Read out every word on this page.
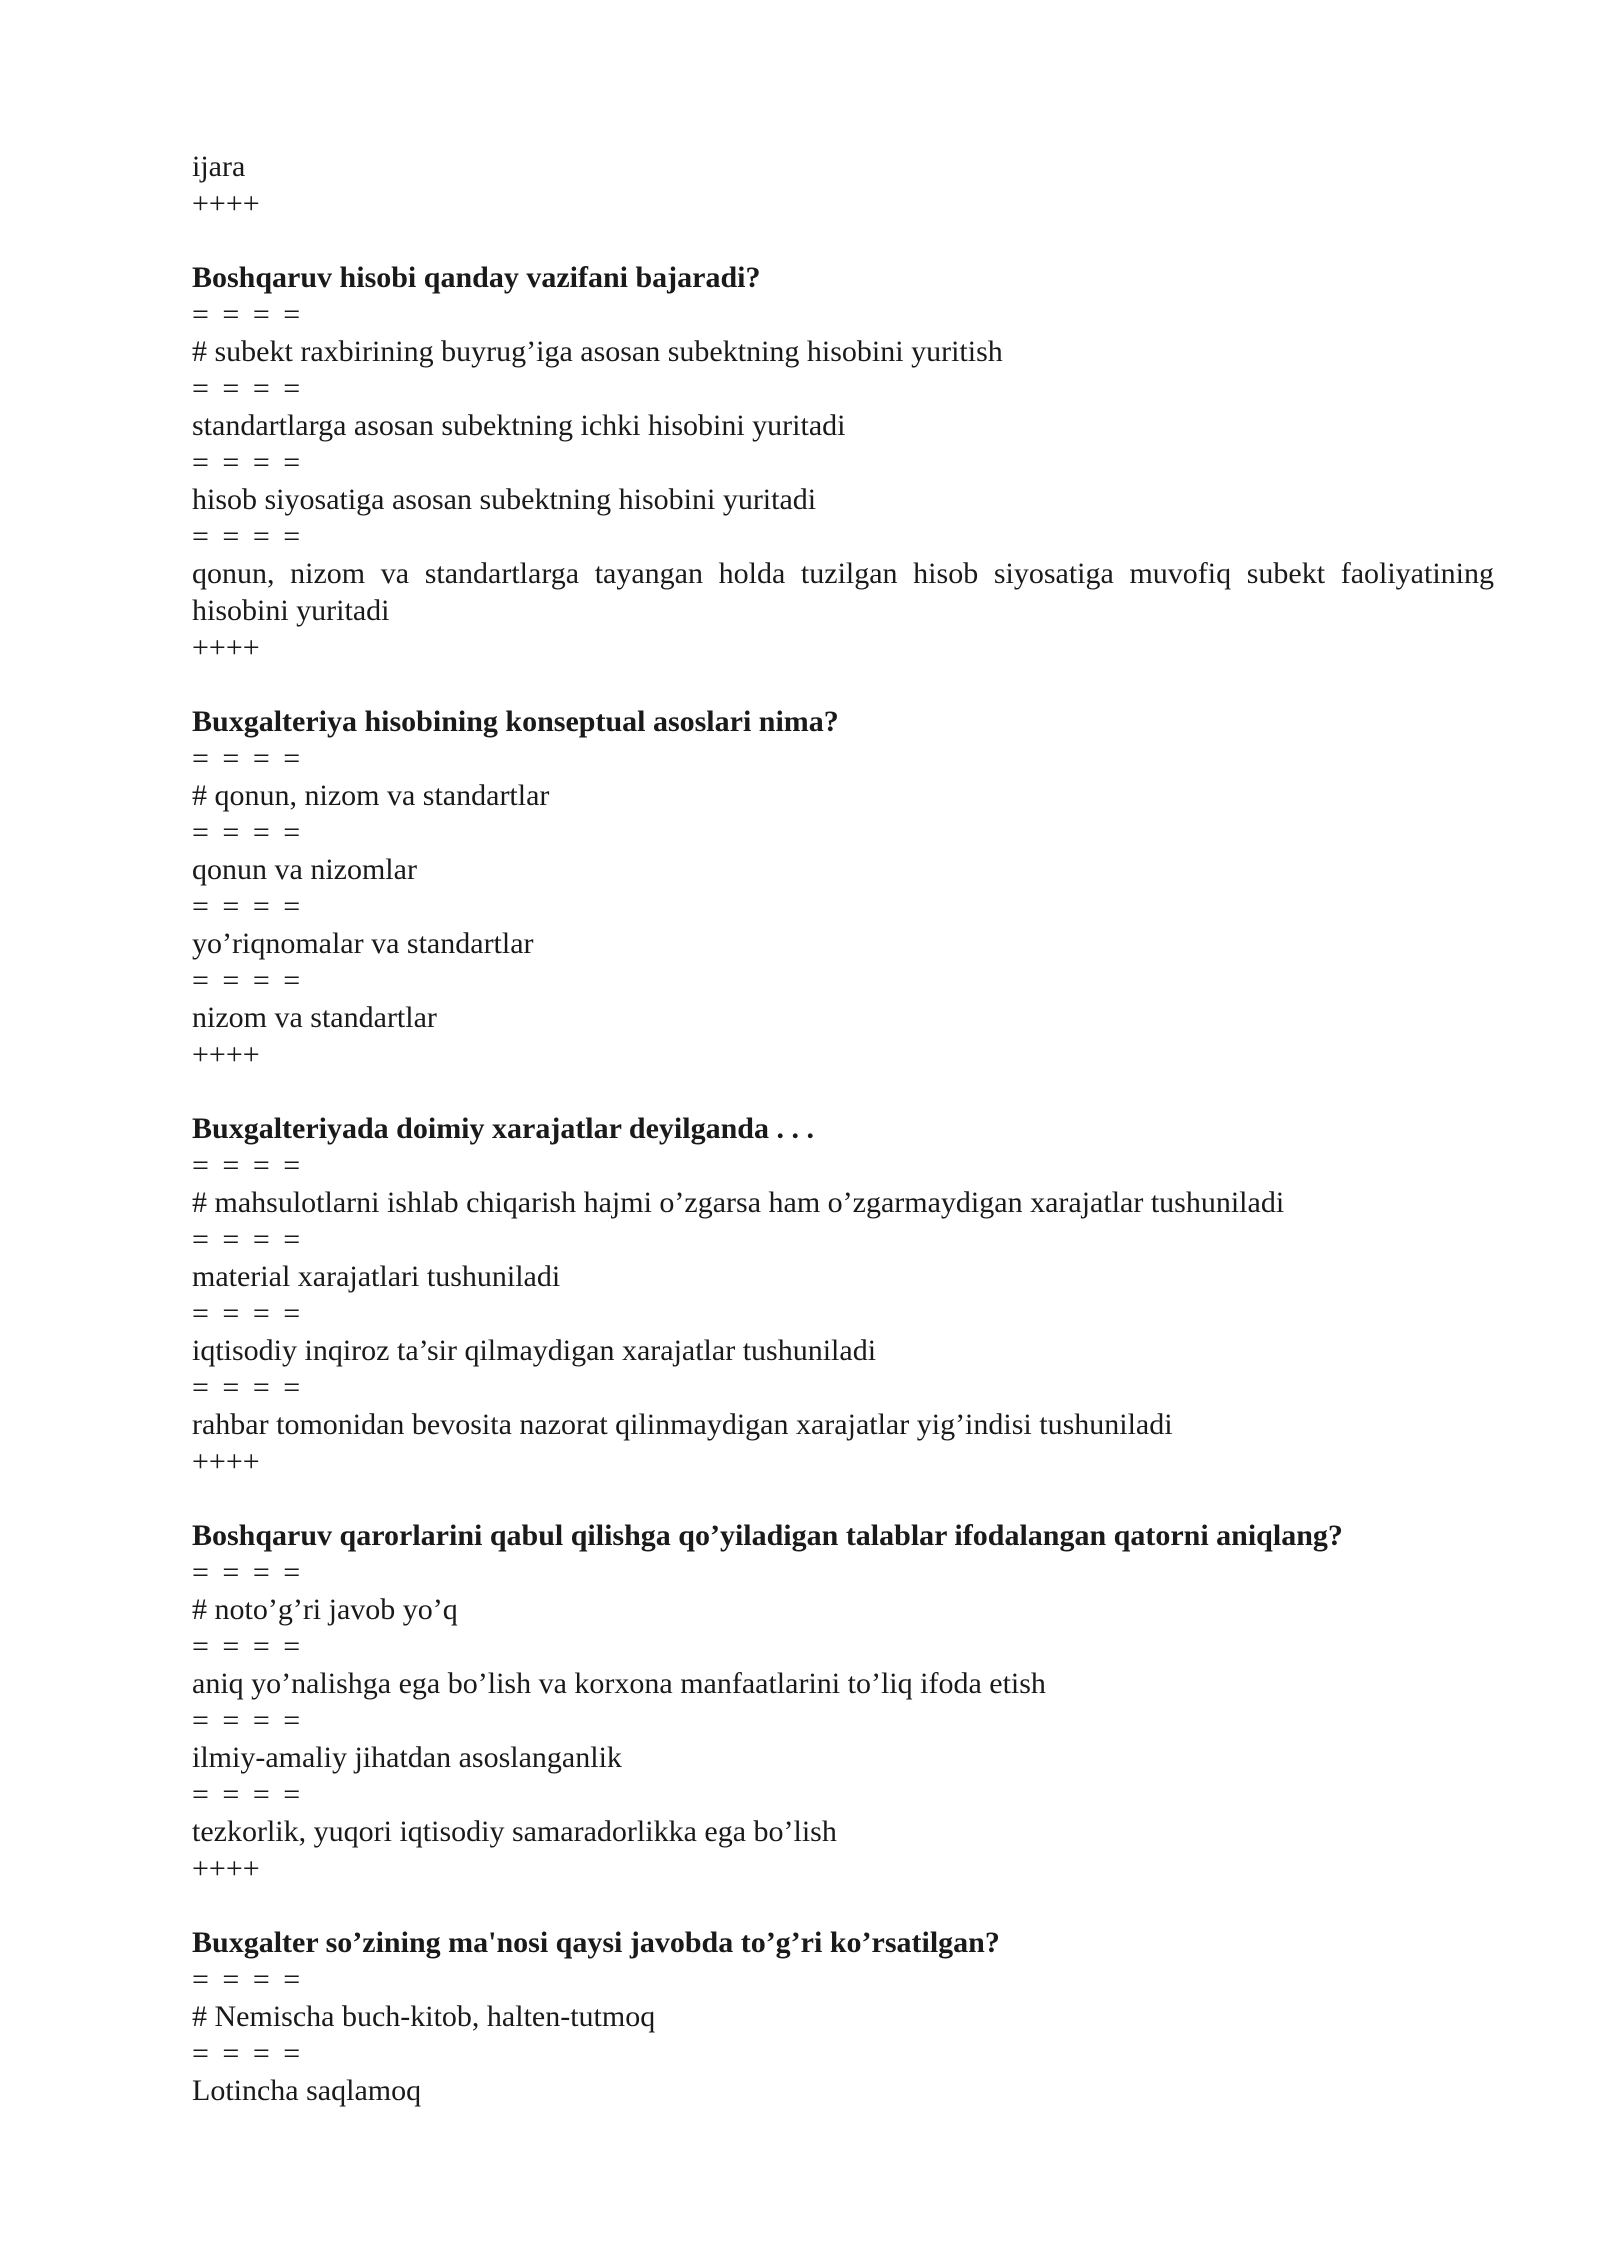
ijara
++++
Boshqaruv hisobi qanday vazifani bajaradi?
= = = =
# subekt raxbirining buyrug’iga asosan subektning hisobini yuritish
= = = =
standartlarga asosan subektning ichki hisobini yuritadi
= = = =
hisob siyosatiga asosan subektning hisobini yuritadi
= = = =
qonun, nizom va standartlarga tayangan holda tuzilgan hisob siyosatiga muvofiq subekt faoliyatining hisobini yuritadi
++++
Buxgalteriya hisobining konseptual asoslari nima?
= = = =
# qonun, nizom va standartlar
= = = =
qonun va nizomlar
= = = =
yo’riqnomalar va standartlar
= = = =
nizom va standartlar
++++
Buxgalteriyada doimiy xarajatlar deyilganda . . .
= = = =
# mahsulotlarni ishlab chiqarish hajmi o’zgarsa ham o’zgarmaydigan xarajatlar tushuniladi
= = = =
material xarajatlari tushuniladi
= = = =
iqtisodiy inqiroz ta’sir qilmaydigan xarajatlar tushuniladi
= = = =
rahbar tomonidan bevosita nazorat qilinmaydigan xarajatlar yig’indisi tushuniladi
++++
Boshqaruv qarorlarini qabul qilishga qo’yiladigan talablar ifodalangan qatorni aniqlang?
= = = =
# noto’g’ri javob yo’q
= = = =
aniq yo’nalishga ega bo’lish va korxona manfaatlarini to’liq ifoda etish
= = = =
ilmiy-amaliy jihatdan asoslanganlik
= = = =
tezkorlik, yuqori iqtisodiy samaradorlikka ega bo’lish
++++
Buxgalter so’zining ma'nosi qaysi javobda to’g’ri ko’rsatilgan?
= = = =
# Nemischa buch-kitob, halten-tutmoq
= = = =
Lotincha saqlamoq
